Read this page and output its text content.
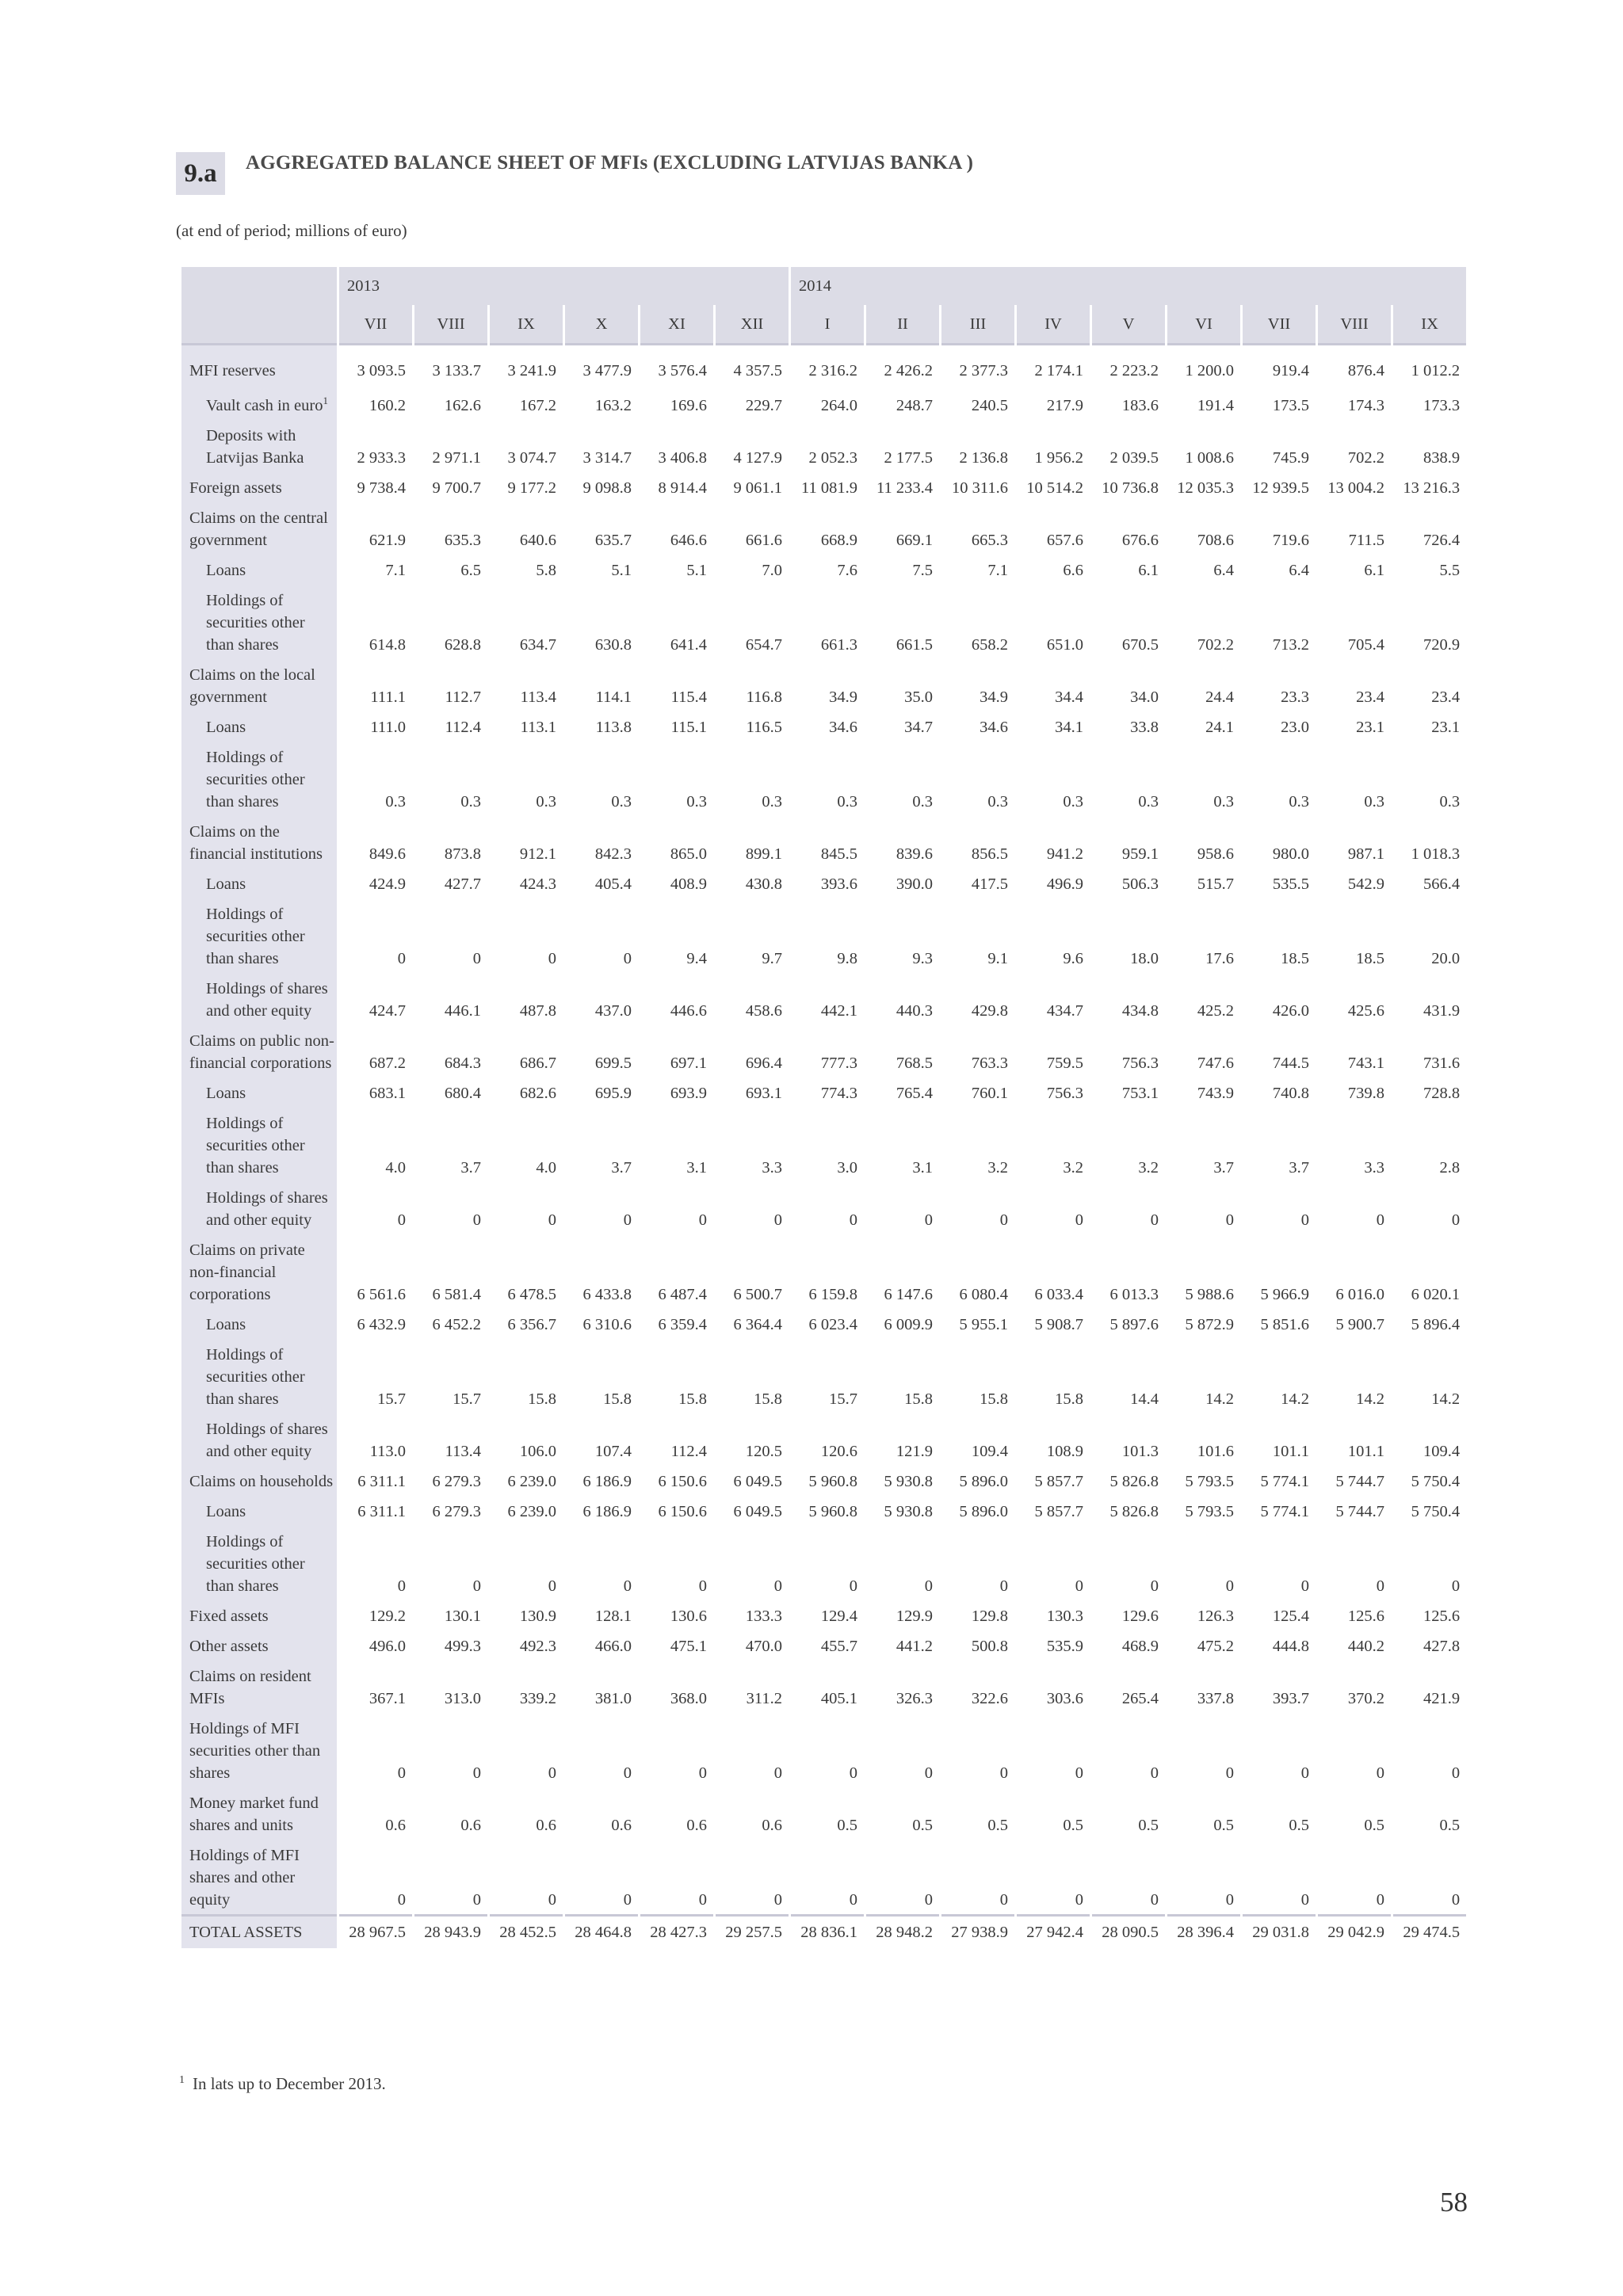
9.a	AGGREGATED BALANCE SHEET OF MFIs (EXCLUDING LATVIJAS BANKA )
(at end of period; millions of euro)
	2013						2014								
	VII	VIII	IX	X	XI	XII	I	II	III	IV	V	VI	VII	VIII	IX

MFI reserves	3 093.5	3 133.7	3 241.9	3 477.9	3 576.4	4 357.5	2 316.2	2 426.2	2 377.3	2 174.1	2 223.2	1 200.0	919.4	876.4	1 012.2
Vault cash in euro$^1$	160.2	162.6	167.2	163.2	169.6	229.7	264.0	248.7	240.5	217.9	183.6	191.4	173.5	174.3	173.3
Deposits with Latvijas Banka	2 933.3	2 971.1	3 074.7	3 314.7	3 406.8	4 127.9	2 052.3	2 177.5	2 136.8	1 956.2	2 039.5	1 008.6	745.9	702.2	838.9
Foreign assets	9 738.4	9 700.7	9 177.2	9 098.8	8 914.4	9 061.1	11 081.9	11 233.4	10 311.6	10 514.2	10 736.8	12 035.3	12 939.5	13 004.2	13 216.3
Claims on the central government	621.9	635.3	640.6	635.7	646.6	661.6	668.9	669.1	665.3	657.6	676.6	708.6	719.6	711.5	726.4
Loans	7.1	6.5	5.8	5.1	5.1	7.0	7.6	7.5	7.1	6.6	6.1	6.4	6.4	6.1	5.5
Holdings of securities other than shares	614.8	628.8	634.7	630.8	641.4	654.7	661.3	661.5	658.2	651.0	670.5	702.2	713.2	705.4	720.9
Claims on the local government	111.1	112.7	113.4	114.1	115.4	116.8	34.9	35.0	34.9	34.4	34.0	24.4	23.3	23.4	23.4
Loans	111.0	112.4	113.1	113.8	115.1	116.5	34.6	34.7	34.6	34.1	33.8	24.1	23.0	23.1	23.1
Holdings of securities other than shares	0.3	0.3	0.3	0.3	0.3	0.3	0.3	0.3	0.3	0.3	0.3	0.3	0.3	0.3	0.3
Claims on the financial institutions	849.6	873.8	912.1	842.3	865.0	899.1	845.5	839.6	856.5	941.2	959.1	958.6	980.0	987.1	1 018.3
Loans	424.9	427.7	424.3	405.4	408.9	430.8	393.6	390.0	417.5	496.9	506.3	515.7	535.5	542.9	566.4
Holdings of securities other than shares	0	0	0	0	9.4	9.7	9.8	9.3	9.1	9.6	18.0	17.6	18.5	18.5	20.0
Holdings of shares and other equity	424.7	446.1	487.8	437.0	446.6	458.6	442.1	440.3	429.8	434.7	434.8	425.2	426.0	425.6	431.9
Claims on public non-financial corporations	687.2	684.3	686.7	699.5	697.1	696.4	777.3	768.5	763.3	759.5	756.3	747.6	744.5	743.1	731.6
Loans	683.1	680.4	682.6	695.9	693.9	693.1	774.3	765.4	760.1	756.3	753.1	743.9	740.8	739.8	728.8
Holdings of securities other than shares	4.0	3.7	4.0	3.7	3.1	3.3	3.0	3.1	3.2	3.2	3.2	3.7	3.7	3.3	2.8
Holdings of shares and other equity	0	0	0	0	0	0	0	0	0	0	0	0	0	0	0
Claims on private non-financial corporations	6 561.6	6 581.4	6 478.5	6 433.8	6 487.4	6 500.7	6 159.8	6 147.6	6 080.4	6 033.4	6 013.3	5 988.6	5 966.9	6 016.0	6 020.1
Loans	6 432.9	6 452.2	6 356.7	6 310.6	6 359.4	6 364.4	6 023.4	6 009.9	5 955.1	5 908.7	5 897.6	5 872.9	5 851.6	5 900.7	5 896.4
Holdings of securities other than shares	15.7	15.7	15.8	15.8	15.8	15.8	15.7	15.8	15.8	15.8	14.4	14.2	14.2	14.2	14.2
Holdings of shares and other equity	113.0	113.4	106.0	107.4	112.4	120.5	120.6	121.9	109.4	108.9	101.3	101.6	101.1	101.1	109.4
Claims on households	6 311.1	6 279.3	6 239.0	6 186.9	6 150.6	6 049.5	5 960.8	5 930.8	5 896.0	5 857.7	5 826.8	5 793.5	5 774.1	5 744.7	5 750.4
Loans	6 311.1	6 279.3	6 239.0	6 186.9	6 150.6	6 049.5	5 960.8	5 930.8	5 896.0	5 857.7	5 826.8	5 793.5	5 774.1	5 744.7	5 750.4
Holdings of securities other than shares	0	0	0	0	0	0	0	0	0	0	0	0	0	0	0
Fixed assets	129.2	130.1	130.9	128.1	130.6	133.3	129.4	129.9	129.8	130.3	129.6	126.3	125.4	125.6	125.6
Other assets	496.0	499.3	492.3	466.0	475.1	470.0	455.7	441.2	500.8	535.9	468.9	475.2	444.8	440.2	427.8
Claims on resident MFIs	367.1	313.0	339.2	381.0	368.0	311.2	405.1	326.3	322.6	303.6	265.4	337.8	393.7	370.2	421.9
Holdings of MFI securities other than shares	0	0	0	0	0	0	0	0	0	0	0	0	0	0	0
Money market fund shares and units	0.6	0.6	0.6	0.6	0.6	0.6	0.5	0.5	0.5	0.5	0.5	0.5	0.5	0.5	0.5
Holdings of MFI shares and other equity	0	0	0	0	0	0	0	0	0	0	0	0	0	0	0
TOTAL ASSETS	28 967.5	28 943.9	28 452.5	28 464.8	28 427.3	29 257.5	28 836.1	28 948.2	27 938.9	27 942.4	28 090.5	28 396.4	29 031.8	29 042.9	29 474.5
$^1$ In lats up to December 2013.
58
